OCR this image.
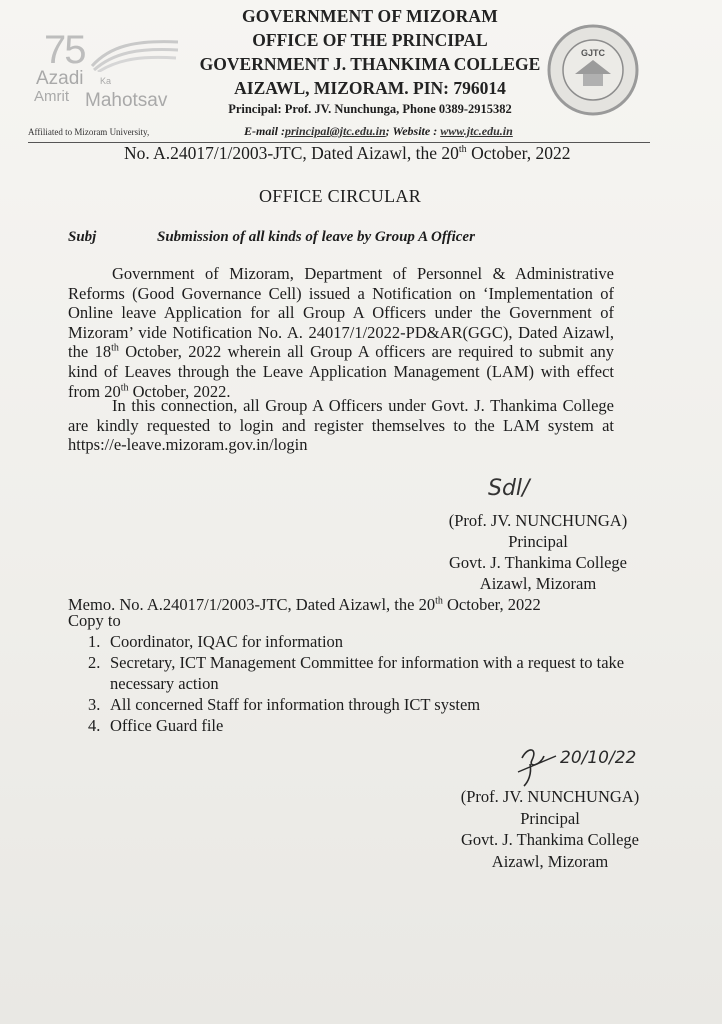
75
Azadi Ka
Amrit Mahotsav
GOVERNMENT OF MIZORAM
OFFICE OF THE PRINCIPAL
GOVERNMENT J. THANKIMA COLLEGE
AIZAWL, MIZORAM. PIN: 796014
Principal: Prof. JV. Nunchunga, Phone 0389-2915382
GJTC
Affiliated to Mizoram University,	E-mail :principal@jtc.edu.in; Website : www.jtc.edu.in
No. A.24017/1/2003-JTC, Dated Aizawl, the 20th October, 2022
OFFICE CIRCULAR
Subj	Submission of all kinds of leave by Group A Officer
Government of Mizoram, Department of Personnel & Administrative Reforms (Good Governance Cell) issued a Notification on ‘Implementation of Online leave Application for all Group A Officers under the Government of Mizoram’ vide Notification No. A. 24017/1/2022-PD&AR(GGC), Dated Aizawl, the 18th October, 2022 wherein all Group A officers are required to submit any kind of Leaves through the Leave Application Management (LAM) with effect from 20th October, 2022.
In this connection, all Group A Officers under Govt. J. Thankima College are kindly requested to login and register themselves to the LAM system at https://e-leave.mizoram.gov.in/login
Sdl/
(Prof. JV. NUNCHUNGA)
Principal
Govt. J. Thankima College
Aizawl, Mizoram
Memo. No. A.24017/1/2003-JTC, Dated Aizawl, the 20th October, 2022
Copy to
1. Coordinator, IQAC for information
2. Secretary, ICT Management Committee for information with a request to take necessary action
3. All concerned Staff for information through ICT system
4. Office Guard file
20/10/22
(Prof. JV. NUNCHUNGA)
Principal
Govt. J. Thankima College
Aizawl, Mizoram
